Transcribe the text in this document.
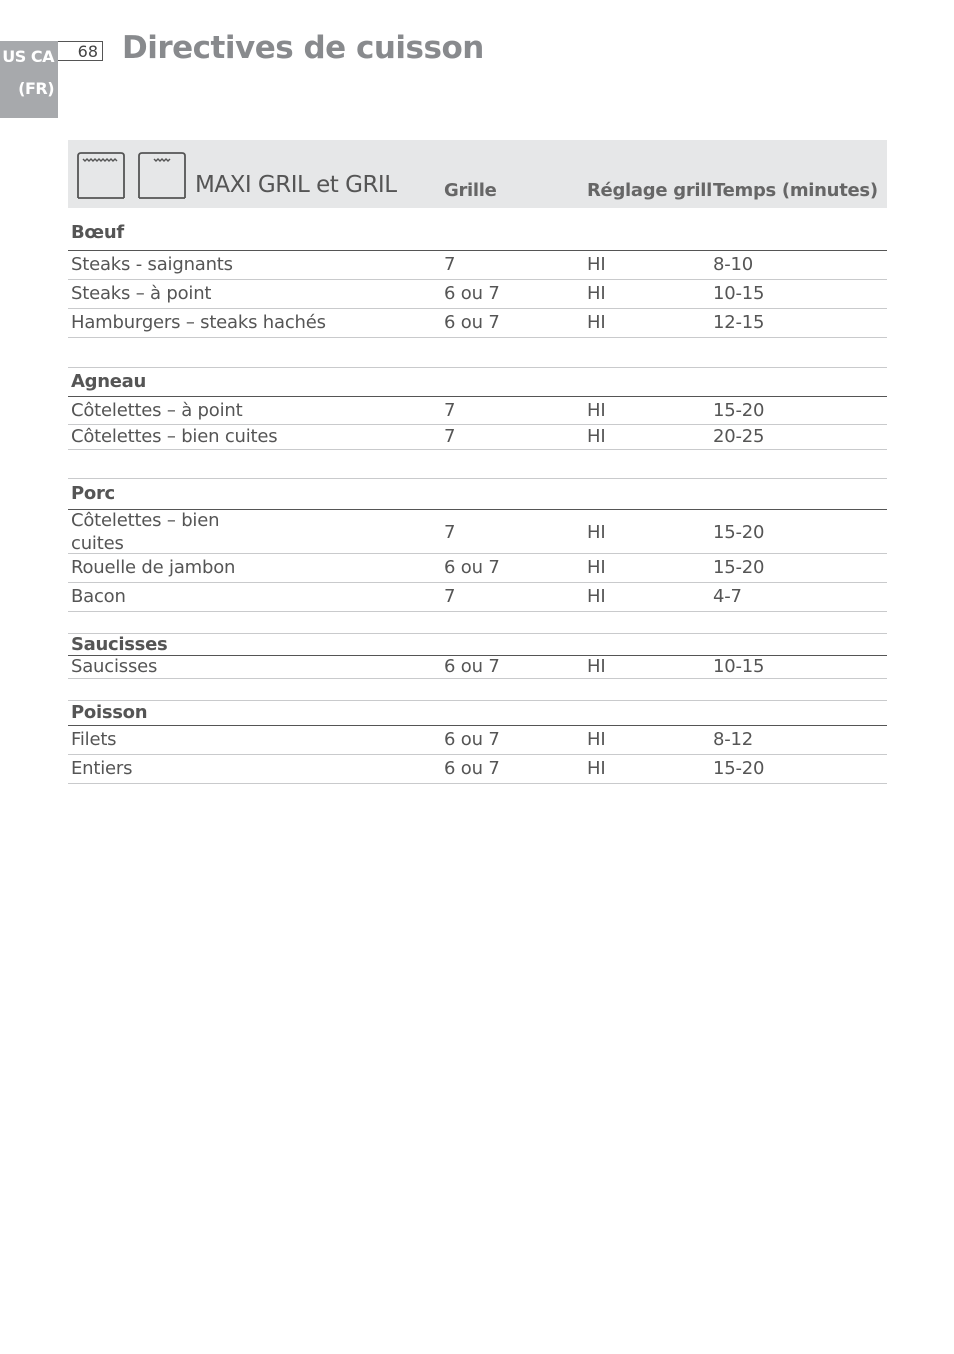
US CA
(FR)
68 Directives de cuisson
MAXI GRIL et GRIL	Grille	Réglage grill Temps (minutes)
Bœuf
Steaks - saignants	7	HI	8-10
Steaks – à point	6 ou 7	HI	10-15
Hamburgers – steaks hachés	6 ou 7	HI	12-15
Agneau
Côtelettes – à point	7	HI	15-20
Côtelettes – bien cuites	7	HI	20-25
Porc
Côtelettes – bien
cuites
7	HI	15-20
Rouelle de jambon	6 ou 7	HI	15-20
Bacon	7	HI	4-7
Saucisses
Saucisses	6 ou 7	HI	10-15
Poisson
Filets	6 ou 7	HI	8-12
Entiers	6 ou 7	HI	15-20
